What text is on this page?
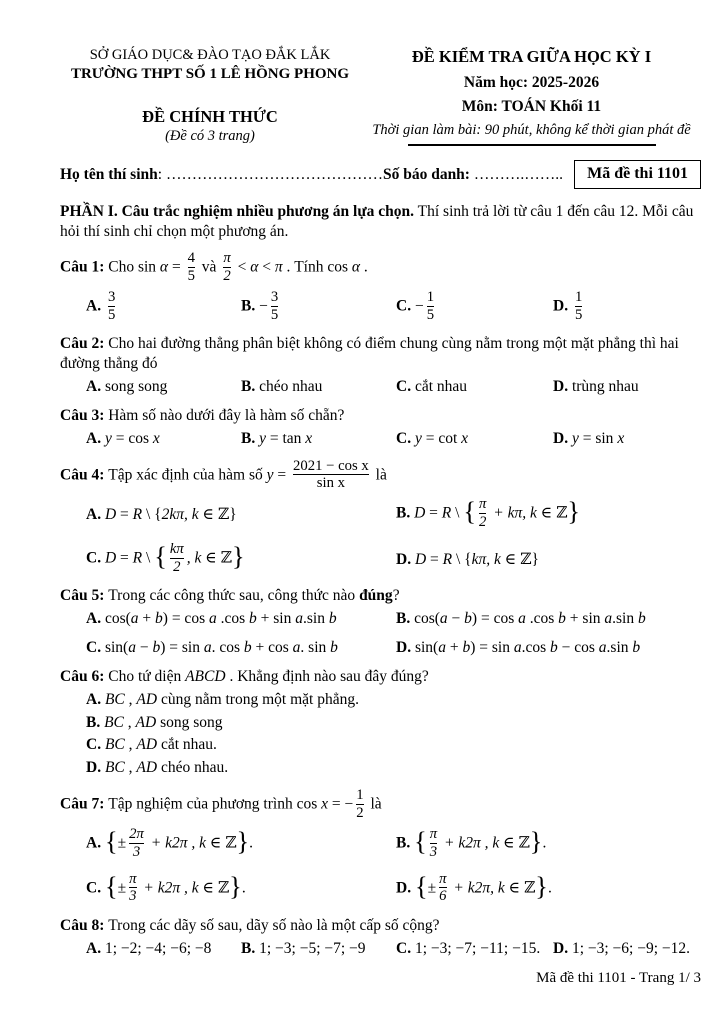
SỞ GIÁO DỤC& ĐÀO TẠO ĐẮK LẮK
TRƯỜNG THPT SỐ 1 LÊ HỒNG PHONG
ĐỀ CHÍNH THỨC
(Đề có 3 trang)
ĐỀ KIỂM TRA GIỮA HỌC KỲ I
Năm học: 2025-2026
Môn: TOÁN Khối 11
Thời gian làm bài: 90 phút, không kể thời gian phát đề
Họ tên thí sinh: ……………………………………Số báo danh: ……….……..	Mã đề thi 1101
PHẦN I. Câu trắc nghiệm nhiều phương án lựa chọn. Thí sinh trả lời từ câu 1 đến câu 12. Mỗi câu hỏi thí sinh chỉ chọn một phương án.
Câu 1: Cho $\sin \alpha = \frac{4}{5}$ và $\frac{\pi}{2} < \alpha < \pi$ . Tính cos α .
A. $\frac{3}{5}$	B. − $\frac{3}{5}$	C. − $\frac{1}{5}$	D. $\frac{1}{5}$
Câu 2: Cho hai đường thẳng phân biệt không có điểm chung cùng nằm trong một mặt phẳng thì hai đường thẳng đó
A. song song	B. chéo nhau	C. cắt nhau	D. trùng nhau
Câu 3: Hàm số nào dưới đây là hàm số chẵn?
A. y = cos x	B. y = tan x	C. y = cot x	D. y = sin x
Câu 4: Tập xác định của hàm số $y = \frac{\text{2021 − cos x}}{\text{sin x}}$ là
A. D = R \ {2kπ, k ∈ ℤ}	B. D = R \ { $\frac{\pi}{2} + k\pi$, k ∈ ℤ}
C. D = R \ { $\frac{k\pi}{2}$ , k ∈ ℤ}	D. D = R \ {kπ, k ∈ ℤ}
Câu 5: Trong các công thức sau, công thức nào đúng?
A. cos(a + b) = cos a .cos b + sin a.sin b	B. cos(a − b) = cos a .cos b + sin a.sin b
C. sin(a − b) = sin a. cos b + cos a. sin b	D. sin(a + b) = sin a.cos b − cos a.sin b
Câu 6: Cho tứ diện ABCD . Khẳng định nào sau đây đúng?
A. BC , AD cùng nằm trong một mặt phẳng.
B. BC , AD song song
C. BC , AD cắt nhau.
D. BC , AD chéo nhau.
Câu 7: Tập nghiệm của phương trình cos x = − $\frac{1}{2}$ là
A. {± $\frac{2\pi}{3} + k2\pi$ , k ∈ ℤ}.	B. { $\frac{\pi}{3} + k2\pi$ , k ∈ ℤ}.
C. {± $\frac{\pi}{3} + k2\pi$ , k ∈ ℤ}.	D. {± $\frac{\pi}{6} + k2\pi$, k ∈ ℤ}.
Câu 8: Trong các dãy số sau, dãy số nào là một cấp số cộng?
A. 1; −2; −4; −6; −8	B. 1; −3; −5; −7; −9	C. 1; −3; −7; −11; −15. D. 1; −3; −6; −9; −12.
Mã đề thi 1101 - Trang 1/ 3
